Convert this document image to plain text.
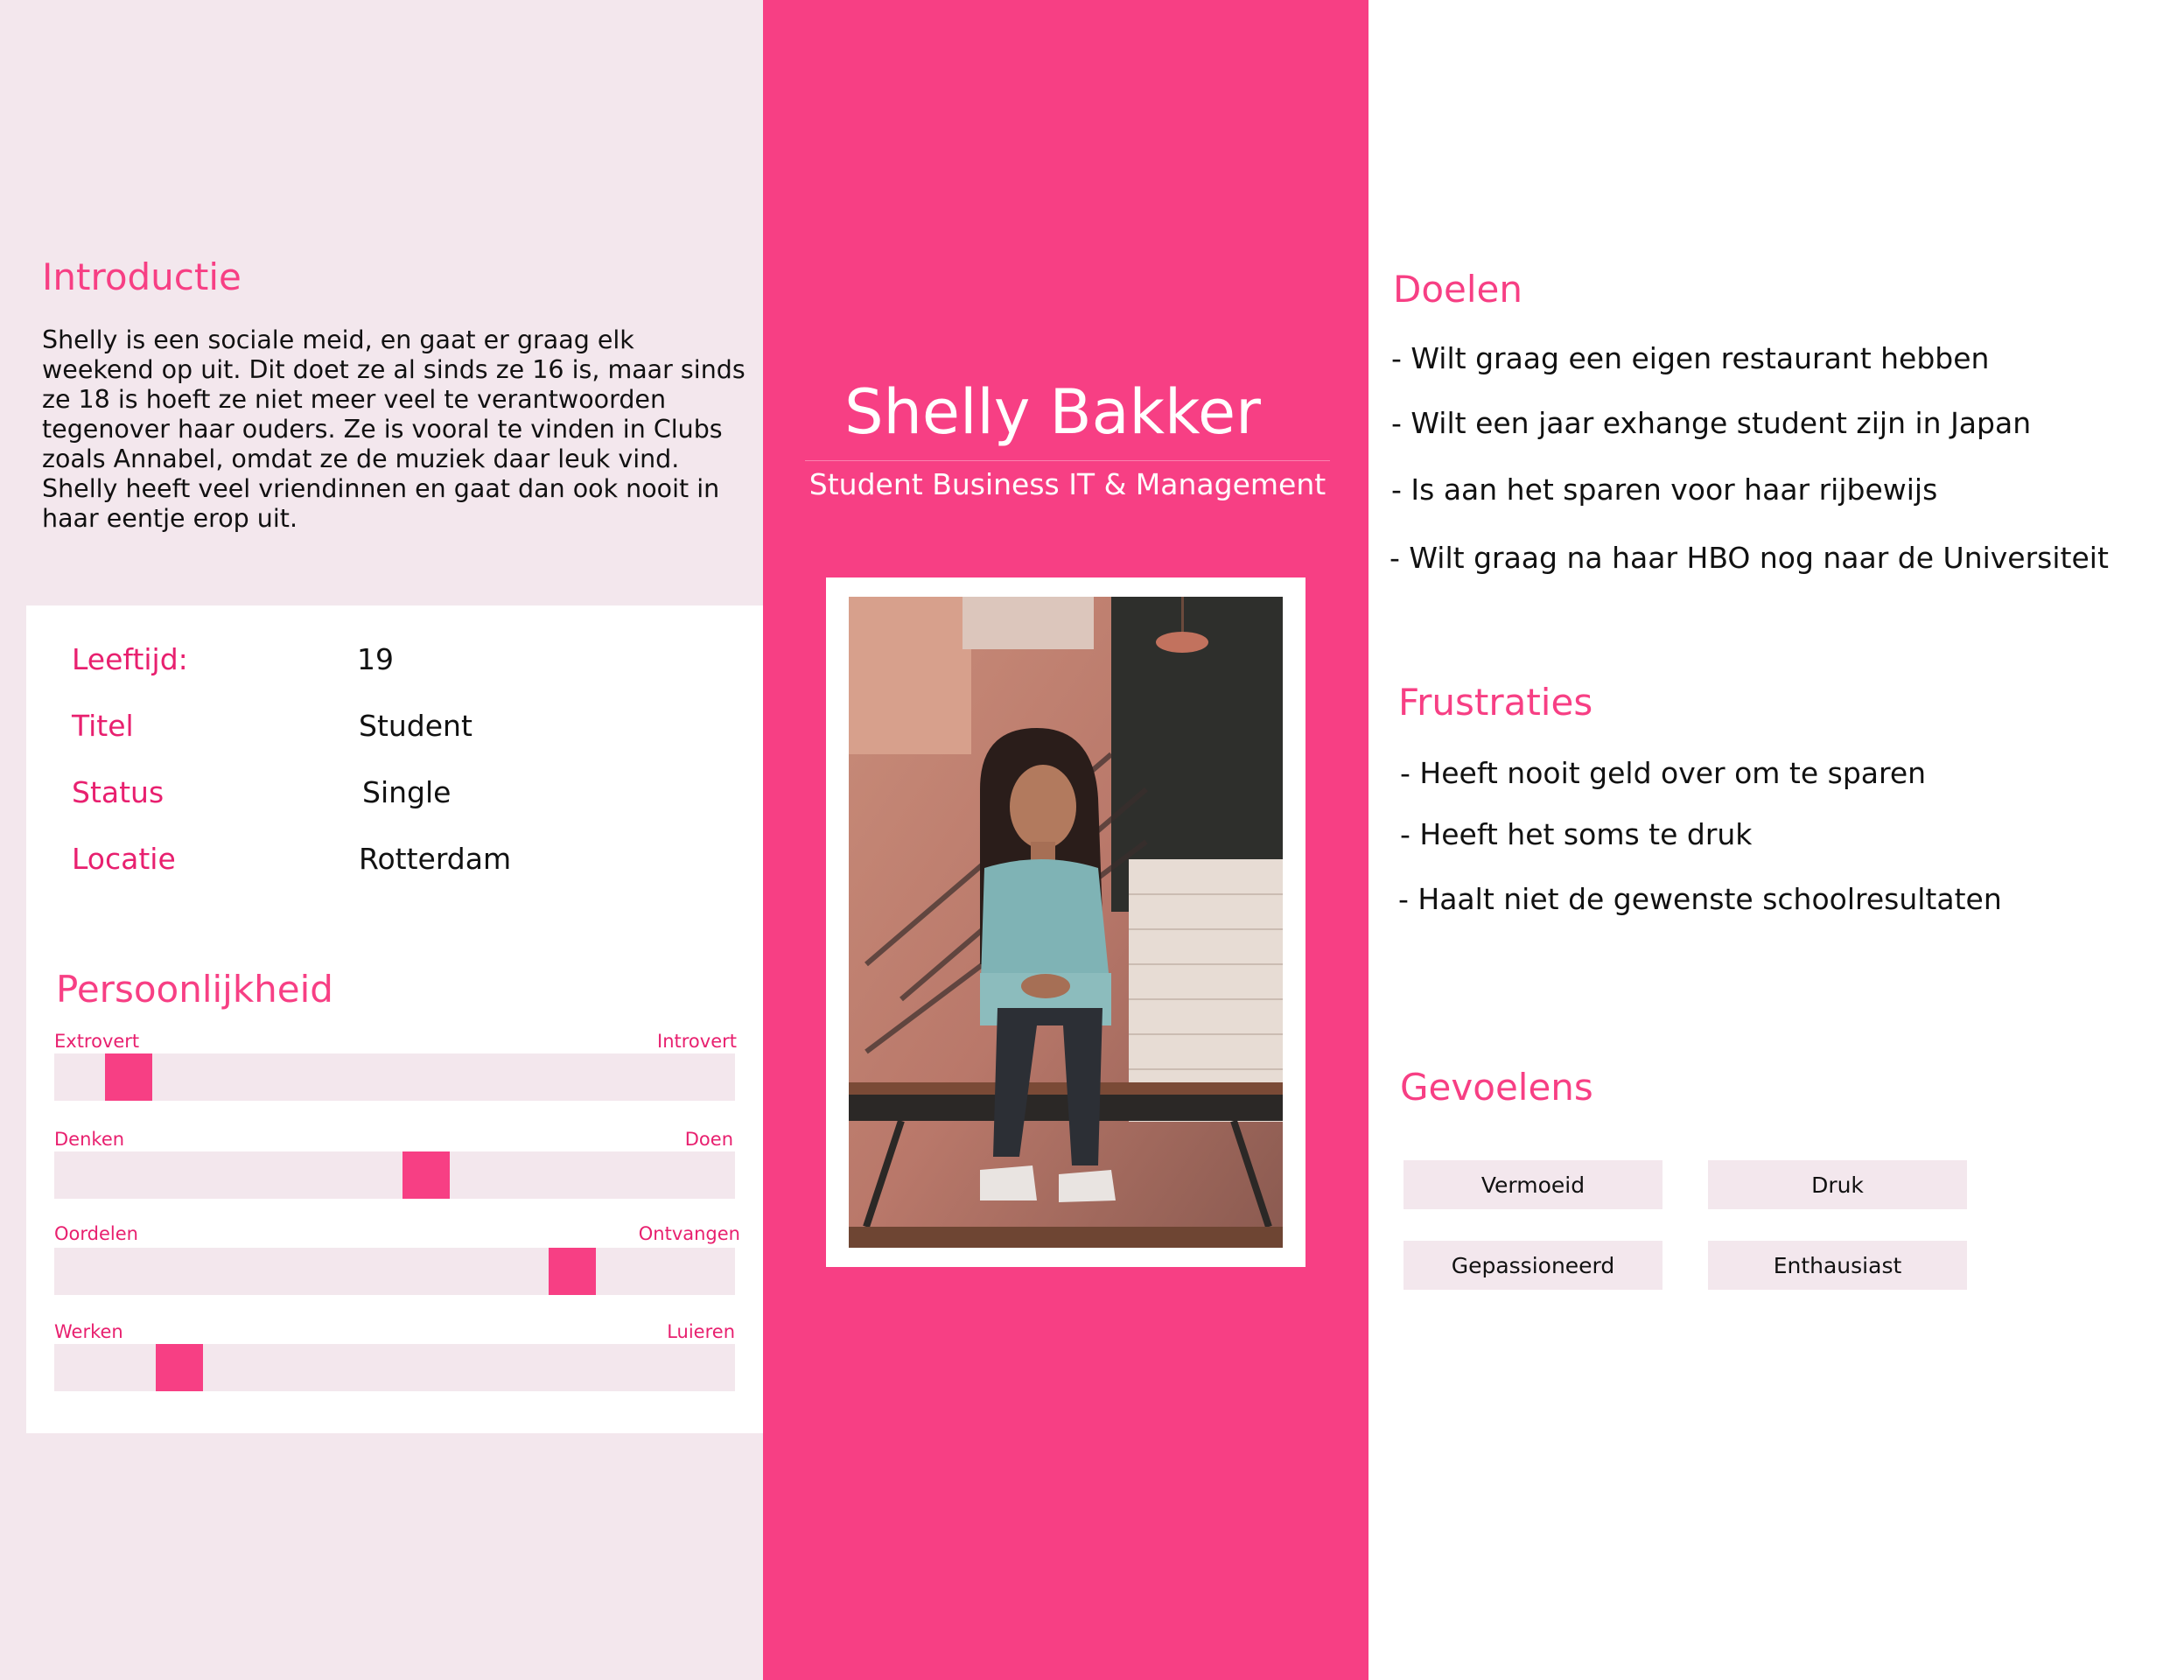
Introductie

Shelly is een sociale meid, en gaat er graag elk weekend op uit. Dit doet ze al sinds ze 16 is, maar sinds ze 18 is hoeft ze niet meer veel te verantwoorden tegenover haar ouders. Ze is vooral te vinden in Clubs zoals Annabel, omdat ze de muziek daar leuk vind. Shelly heeft veel vriendinnen en gaat dan ook nooit in haar eentje erop uit.

Leeftijd:	19
Titel	Student
Status	Single
Locatie	Rotterdam
Persoonlijkheid
Extrovert	Introvert
Denken	Doen
Oordelen	Ontvangen
Werken	Luieren
Shelly Bakker
Student Business IT & Management
Doelen
- Wilt graag een eigen restaurant hebben
- Wilt een jaar exhange student zijn in Japan
- Is aan het sparen voor haar rijbewijs
- Wilt graag na haar HBO nog naar de Universiteit
Frustraties
- Heeft nooit geld over om te sparen
- Heeft het soms te druk
- Haalt niet de gewenste schoolresultaten
Gevoelens
Vermoeid	Druk
Gepassioneerd	Enthausiast
